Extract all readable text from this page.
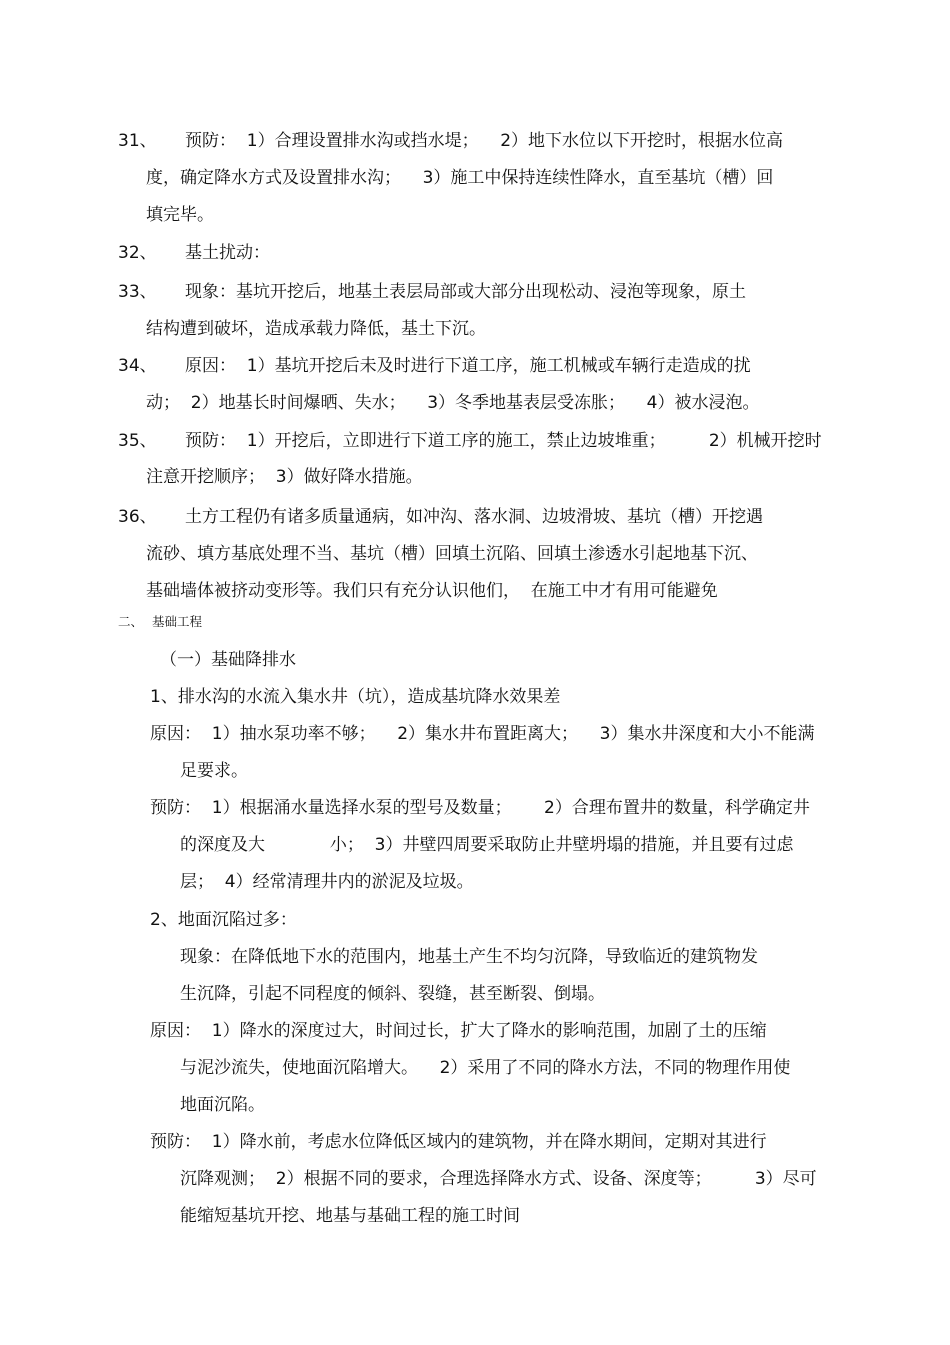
31、 预防：  1）合理设置排水沟或挡水堤；    2）地下水位以下开挖时，根据水位高
度，确定降水方式及设置排水沟；    3）施工中保持连续性降水，直至基坑（槽）回
填完毕。
32、 基土扰动：
33、 现象：基坑开挖后，地基土表层局部或大部分出现松动、浸泡等现象，原土
结构遭到破坏，造成承载力降低，基土下沉。
34、 原因：  1）基坑开挖后未及时进行下道工序，施工机械或车辆行走造成的扰
动；  2）地基长时间爆晒、失水；    3）冬季地基表层受冻胀；    4）被水浸泡。
35、 预防：  1）开挖后，立即进行下道工序的施工，禁止边坡堆重；        2）机械开挖时
注意开挖顺序；  3）做好降水措施。
36、 土方工程仍有诸多质量通病，如冲沟、落水洞、边坡滑坡、基坑（槽）开挖遇
流砂、填方基底处理不当、基坑（槽）回填土沉陷、回填土渗透水引起地基下沉、
基础墙体被挤动变形等。我们只有充分认识他们，  在施工中才有用可能避免
二、 基础工程
（一）基础降排水
1、排水沟的水流入集水井（坑），造成基坑降水效果差
原因：  1）抽水泵功率不够；    2）集水井布置距离大；    3）集水井深度和大小不能满
足要求。
预防：  1）根据涌水量选择水泵的型号及数量；      2）合理布置井的数量，科学确定井
的深度及大            小；  3）井壁四周要采取防止井壁坍塌的措施，并且要有过虑
层；  4）经常清理井内的淤泥及垃圾。
2、地面沉陷过多：
现象：在降低地下水的范围内，地基土产生不均匀沉降，导致临近的建筑物发
生沉降，引起不同程度的倾斜、裂缝，甚至断裂、倒塌。
原因：  1）降水的深度过大，时间过长，扩大了降水的影响范围，加剧了土的压缩
与泥沙流失，使地面沉陷增大。    2）采用了不同的降水方法，不同的物理作用使
地面沉陷。
预防：  1）降水前，考虑水位降低区域内的建筑物，并在降水期间，定期对其进行
沉降观测；  2）根据不同的要求，合理选择降水方式、设备、深度等；        3）尽可
能缩短基坑开挖、地基与基础工程的施工时间
